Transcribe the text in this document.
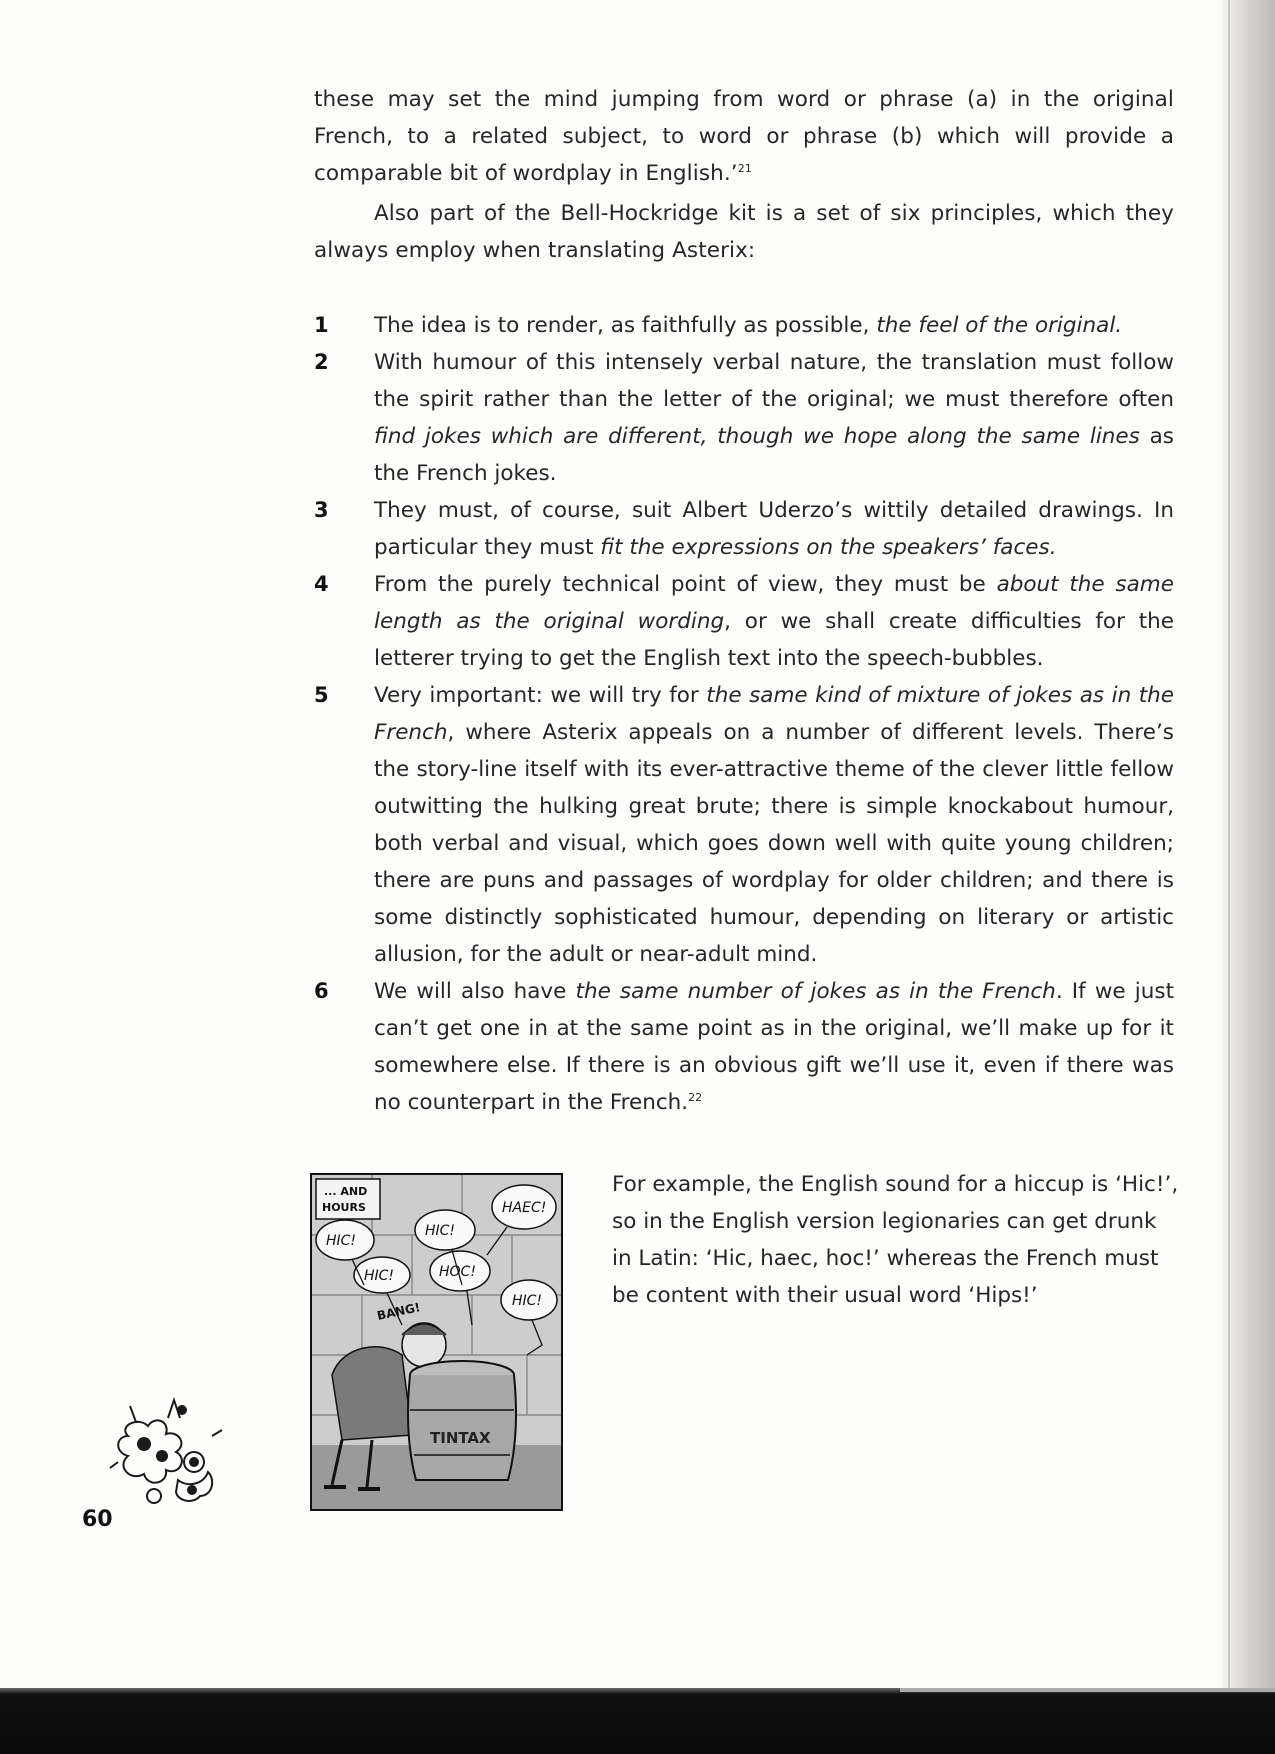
these may set the mind jumping from word or phrase (a) in the original French, to a related subject, to word or phrase (b) which will provide a comparable bit of wordplay in English.’$^{21}$

Also part of the Bell-Hockridge kit is a set of six principles, which they always employ when translating Asterix:

1 The idea is to render, as faithfully as possible, the feel of the original.
2 With humour of this intensely verbal nature, the translation must follow the spirit rather than the letter of the original; we must therefore often find jokes which are different, though we hope along the same lines as the French jokes.
3 They must, of course, suit Albert Uderzo’s wittily detailed drawings. In particular they must fit the expressions on the speakers’ faces.
4 From the purely technical point of view, they must be about the same length as the original wording, or we shall create difficulties for the letterer trying to get the English text into the speech-bubbles.
5 Very important: we will try for the same kind of mixture of jokes as in the French, where Asterix appeals on a number of different levels. There’s the story-line itself with its ever-attractive theme of the clever little fellow outwitting the hulking great brute; there is simple knockabout humour, both verbal and visual, which goes down well with quite young children; there are puns and passages of wordplay for older children; and there is some distinctly sophisticated humour, depending on literary or artistic allusion, for the adult or near-adult mind.
6 We will also have the same number of jokes as in the French. If we just can’t get one in at the same point as in the original, we’ll make up for it somewhere else. If there is an obvious gift we’ll use it, even if there was no counterpart in the French.$^{22}$
... AND
HOURS
HIC!
HIC!
HIC!
HOC!
HAEC!
HIC!
BANG!
TINTAX
For example, the English sound for a hiccup is ‘Hic!’,
so in the English version legionaries can get drunk
in Latin: ‘Hic, haec, hoc!’ whereas the French must
be content with their usual word ‘Hips!’
60
